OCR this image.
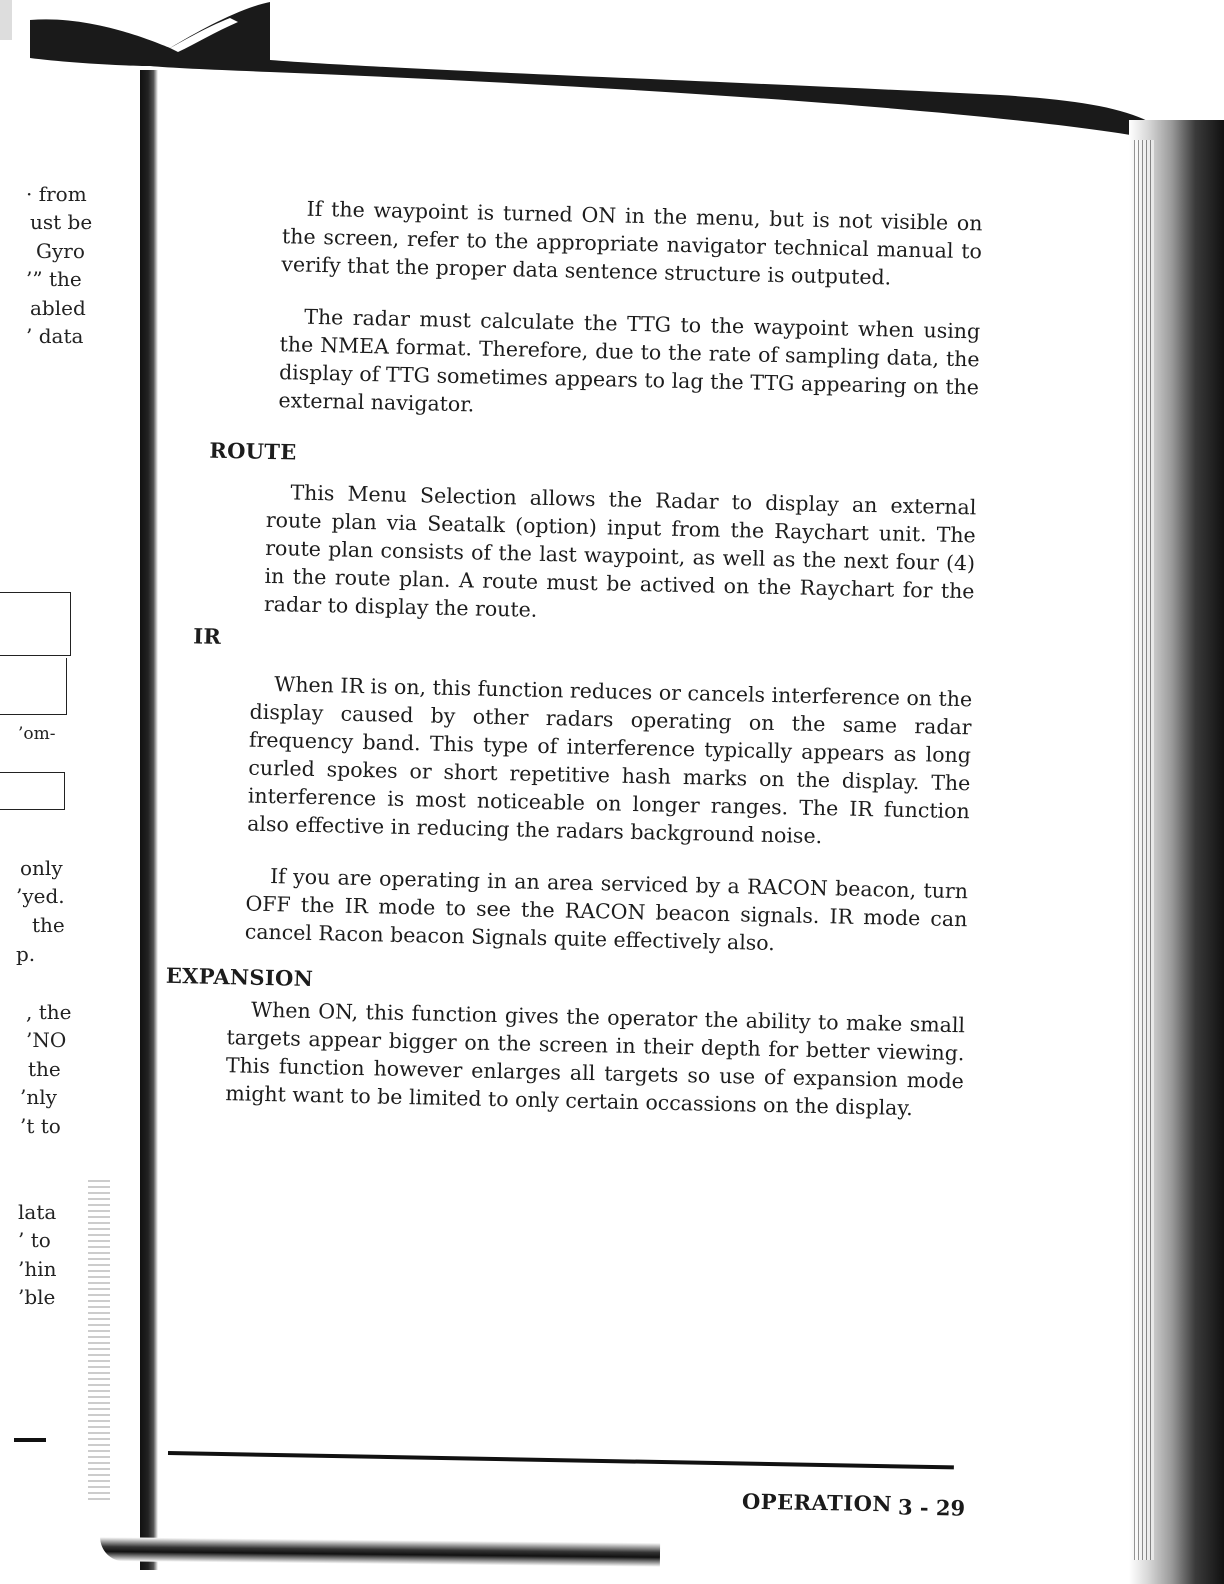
· from
ust be
Gyro
’” the
abled
’ data
’om-
only
’yed.
the
p.
, the
’NO
the
’nly
’t to
lata
’ to
’hin
’ble

If the waypoint is turned ON in the menu, but is not visible on the screen, refer to the appropriate navigator technical manual to verify that the proper data sentence structure is outputed.

The radar must calculate the TTG to the waypoint when using the NMEA format. Therefore, due to the rate of sampling data, the display of TTG sometimes appears to lag the TTG appearing on the external navigator.

ROUTE

This Menu Selection allows the Radar to display an external route plan via Seatalk (option) input from the Raychart unit. The route plan consists of the last waypoint, as well as the next four (4) in the route plan. A route must be actived on the Raychart for the radar to display the route.

IR

When IR is on, this function reduces or cancels interference on the display caused by other radars operating on the same radar frequency band. This type of interference typically appears as long curled spokes or short repetitive hash marks on the display. The interference is most noticeable on longer ranges. The IR function also effective in reducing the radars background noise.

If you are operating in an area serviced by a RACON beacon, turn OFF the IR mode to see the RACON beacon signals. IR mode can cancel Racon beacon Signals quite effectively also.

EXPANSION

When ON, this function gives the operator the ability to make small targets appear bigger on the screen in their depth for better viewing. This function however enlarges all targets so use of expansion mode might want to be limited to only certain occassions on the display.

OPERATION 3 - 29
